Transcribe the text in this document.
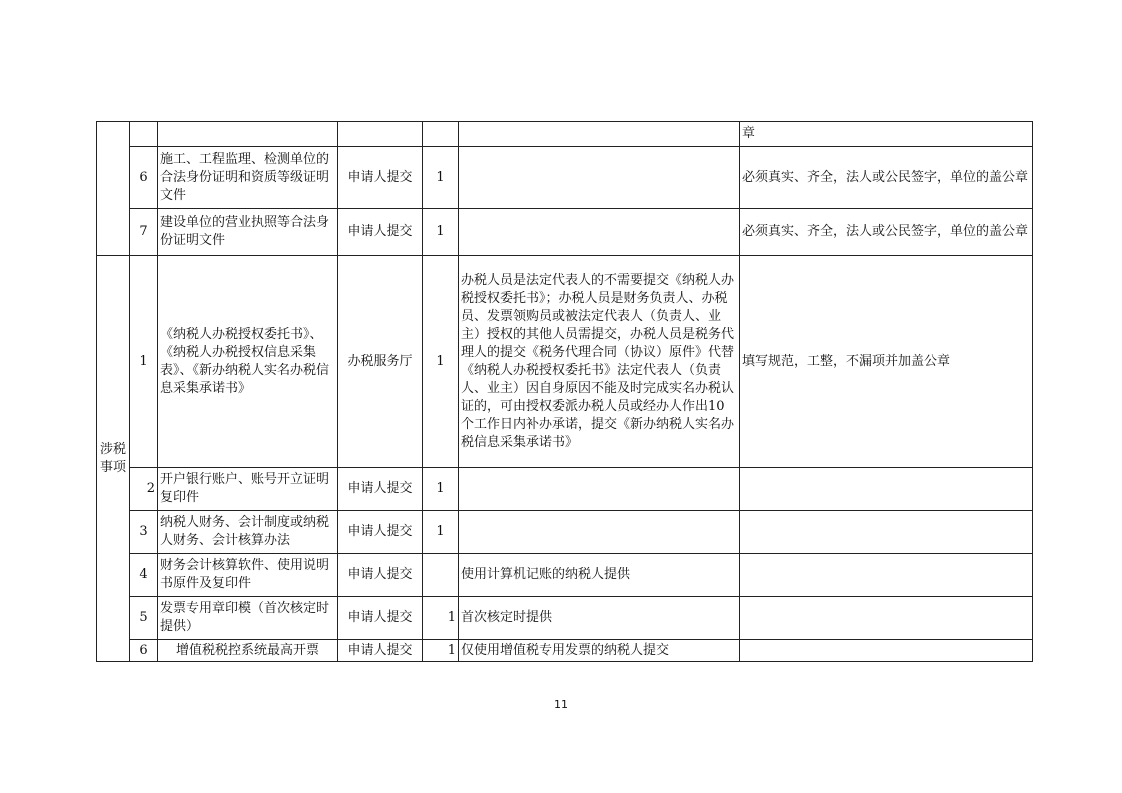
						章
	6	施工、工程监理、检测单位的合法身份证明和资质等级证明文件	申请人提交	1		必须真实、齐全，法人或公民签字，单位的盖公章
	7	建设单位的营业执照等合法身份证明文件	申请人提交	1		必须真实、齐全，法人或公民签字，单位的盖公章
涉税事项	1	《纳税人办税授权委托书》、《纳税人办税授权信息采集表》、《新办纳税人实名办税信息采集承诺书》	办税服务厅	1	办税人员是法定代表人的不需要提交《纳税人办税授权委托书》；办税人员是财务负责人、办税员、发票领购员或被法定代表人（负责人、业主）授权的其他人员需提交，办税人员是税务代理人的提交《税务代理合同（协议）原件》代替《纳税人办税授权委托书》法定代表人（负责人、业主）因自身原因不能及时完成实名办税认证的，可由授权委派办税人员或经办人作出10个工作日内补办承诺，提交《新办纳税人实名办税信息采集承诺书》	填写规范，工整，不漏项并加盖公章
	2	开户银行账户、账号开立证明复印件	申请人提交	1		
	3	纳税人财务、会计制度或纳税人财务、会计核算办法	申请人提交	1		
	4	财务会计核算软件、使用说明书原件及复印件	申请人提交		使用计算机记账的纳税人提供	
	5	发票专用章印模（首次核定时提供）	申请人提交	1	首次核定时提供	
	6	增值税税控系统最高开票	申请人提交	1	仅使用增值税专用发票的纳税人提交	
11
